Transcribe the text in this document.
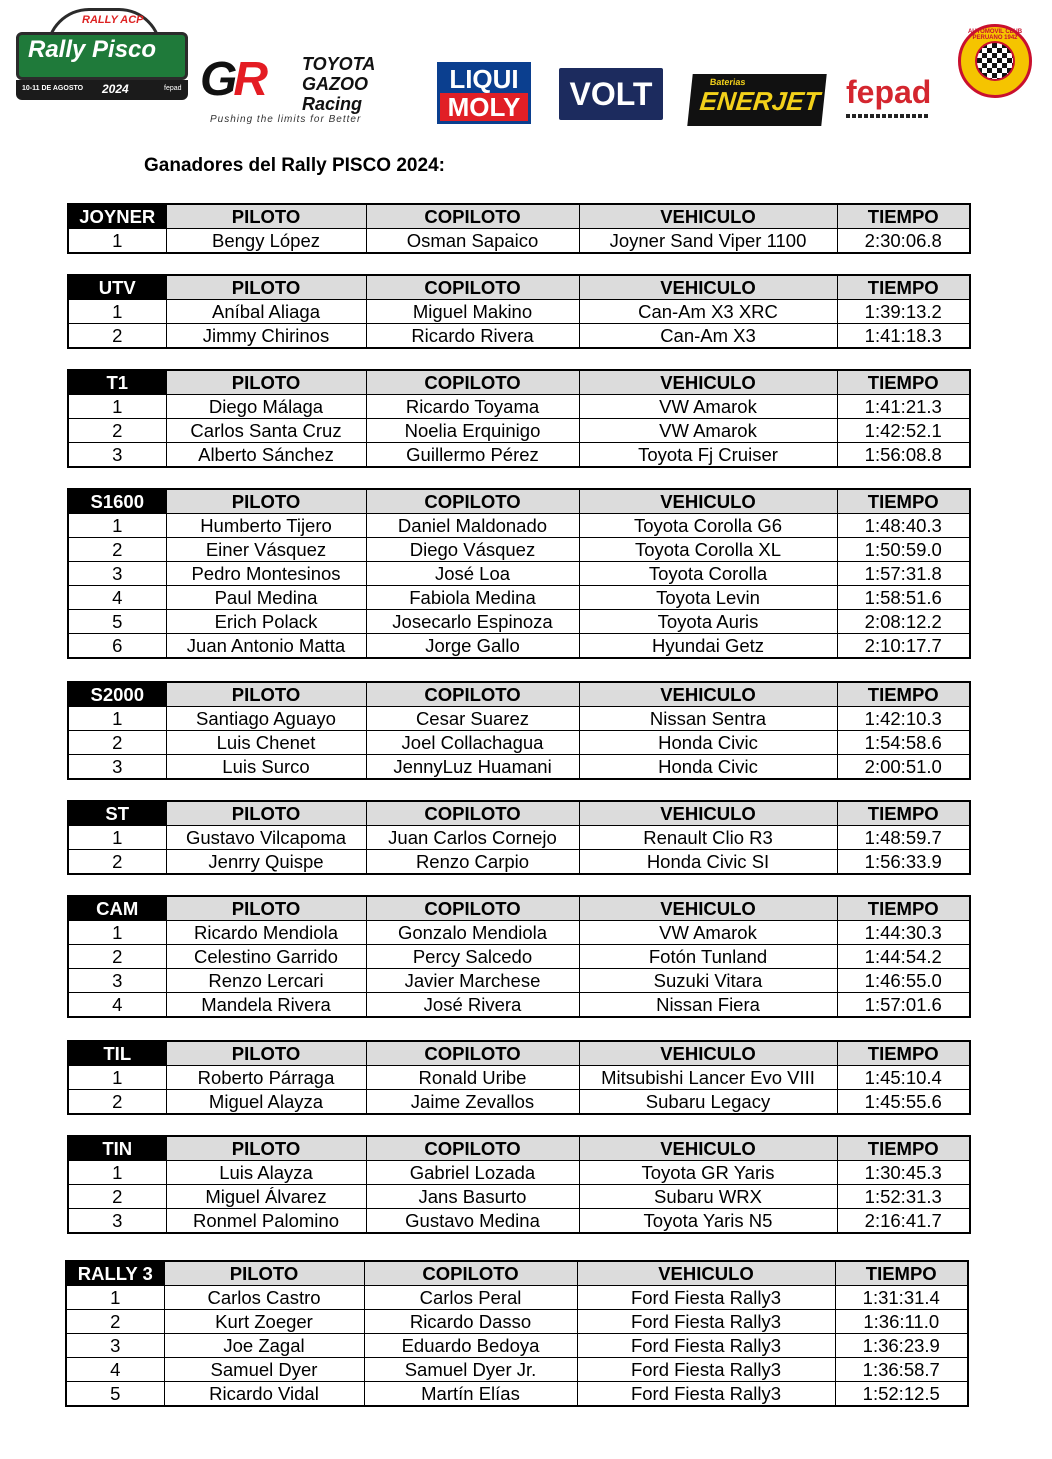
RALLY ACP
Rally Pisco
10-11 DE AGOSTO 2024	fepad GR	TOYOTA
GAZOO
Racing
Pushing the limits for Better
LIQUI
MOLY	VOLT	Baterias
ENERJET fepad
AUTOMOVIL CLUB PERUANO 1942
Ganadores del Rally PISCO 2024:
JOYNER	PILOTO	COPILOTO	VEHICULO	TIEMPO
1	Bengy López	Osman Sapaico	Joyner Sand Viper 1100	2:30:06.8
UTV	PILOTO	COPILOTO	VEHICULO	TIEMPO
1	Aníbal Aliaga	Miguel Makino	Can-Am X3 XRC	1:39:13.2
2	Jimmy Chirinos	Ricardo Rivera	Can-Am X3	1:41:18.3
T1	PILOTO	COPILOTO	VEHICULO	TIEMPO
1	Diego Málaga	Ricardo Toyama	VW Amarok	1:41:21.3
2	Carlos Santa Cruz	Noelia Erquinigo	VW Amarok	1:42:52.1
3	Alberto Sánchez	Guillermo Pérez	Toyota Fj Cruiser	1:56:08.8
S1600	PILOTO	COPILOTO	VEHICULO	TIEMPO
1	Humberto Tijero	Daniel Maldonado	Toyota Corolla G6	1:48:40.3
2	Einer Vásquez	Diego Vásquez	Toyota Corolla XL	1:50:59.0
3	Pedro Montesinos	José Loa	Toyota Corolla	1:57:31.8
4	Paul Medina	Fabiola Medina	Toyota Levin	1:58:51.6
5	Erich Polack	Josecarlo Espinoza	Toyota Auris	2:08:12.2
6	Juan Antonio Matta	Jorge Gallo	Hyundai Getz	2:10:17.7
S2000	PILOTO	COPILOTO	VEHICULO	TIEMPO
1	Santiago Aguayo	Cesar Suarez	Nissan Sentra	1:42:10.3
2	Luis Chenet	Joel Collachagua	Honda Civic	1:54:58.6
3	Luis Surco	JennyLuz Huamani	Honda Civic	2:00:51.0
ST	PILOTO	COPILOTO	VEHICULO	TIEMPO
1	Gustavo Vilcapoma	Juan Carlos Cornejo	Renault Clio R3	1:48:59.7
2	Jenrry Quispe	Renzo Carpio	Honda Civic SI	1:56:33.9
CAM	PILOTO	COPILOTO	VEHICULO	TIEMPO
1	Ricardo Mendiola	Gonzalo Mendiola	VW Amarok	1:44:30.3
2	Celestino Garrido	Percy Salcedo	Fotón Tunland	1:44:54.2
3	Renzo Lercari	Javier Marchese	Suzuki Vitara	1:46:55.0
4	Mandela Rivera	José Rivera	Nissan Fiera	1:57:01.6
TIL	PILOTO	COPILOTO	VEHICULO	TIEMPO
1	Roberto Párraga	Ronald Uribe	Mitsubishi Lancer Evo VIII	1:45:10.4
2	Miguel Alayza	Jaime Zevallos	Subaru Legacy	1:45:55.6
TIN	PILOTO	COPILOTO	VEHICULO	TIEMPO
1	Luis Alayza	Gabriel Lozada	Toyota GR Yaris	1:30:45.3
2	Miguel Álvarez	Jans Basurto	Subaru WRX	1:52:31.3
3	Ronmel Palomino	Gustavo Medina	Toyota Yaris N5	2:16:41.7
RALLY 3	PILOTO	COPILOTO	VEHICULO	TIEMPO
1	Carlos Castro	Carlos Peral	Ford Fiesta Rally3	1:31:31.4
2	Kurt Zoeger	Ricardo Dasso	Ford Fiesta Rally3	1:36:11.0
3	Joe Zagal	Eduardo Bedoya	Ford Fiesta Rally3	1:36:23.9
4	Samuel Dyer	Samuel Dyer Jr.	Ford Fiesta Rally3	1:36:58.7
5	Ricardo Vidal	Martín Elías	Ford Fiesta Rally3	1:52:12.5
